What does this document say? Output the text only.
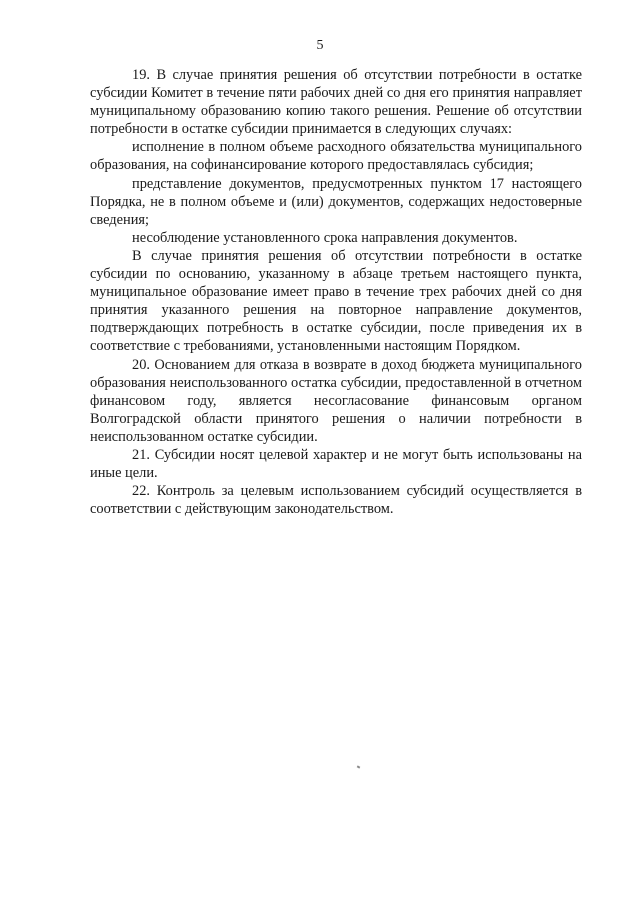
5

19. В случае принятия решения об отсутствии потребности в остатке субсидии Комитет в течение пяти рабочих дней со дня его принятия направляет муниципальному образованию копию такого решения. Решение об отсутствии потребности в остатке субсидии принимается в следующих случаях:

исполнение в полном объеме расходного обязательства муниципального образования, на софинансирование которого предоставлялась субсидия;

представление документов, предусмотренных пунктом 17 настоящего Порядка, не в полном объеме и (или) документов, содержащих недостоверные сведения;

несоблюдение установленного срока направления документов.

В случае принятия решения об отсутствии потребности в остатке субсидии по основанию, указанному в абзаце третьем настоящего пункта, муниципальное образование имеет право в течение трех рабочих дней со дня принятия указанного решения на повторное направление документов, подтверждающих потребность в остатке субсидии, после приведения их в соответствие с требованиями, установленными настоящим Порядком.

20. Основанием для отказа в возврате в доход бюджета муниципального образования неиспользованного остатка субсидии, предоставленной в отчетном финансовом году, является несогласование финансовым органом Волгоградской области принятого решения о наличии потребности в неиспользованном остатке субсидии.

21. Субсидии носят целевой характер и не могут быть использованы на иные цели.

22. Контроль за целевым использованием субсидий осуществляется в соответствии с действующим законодательством.
